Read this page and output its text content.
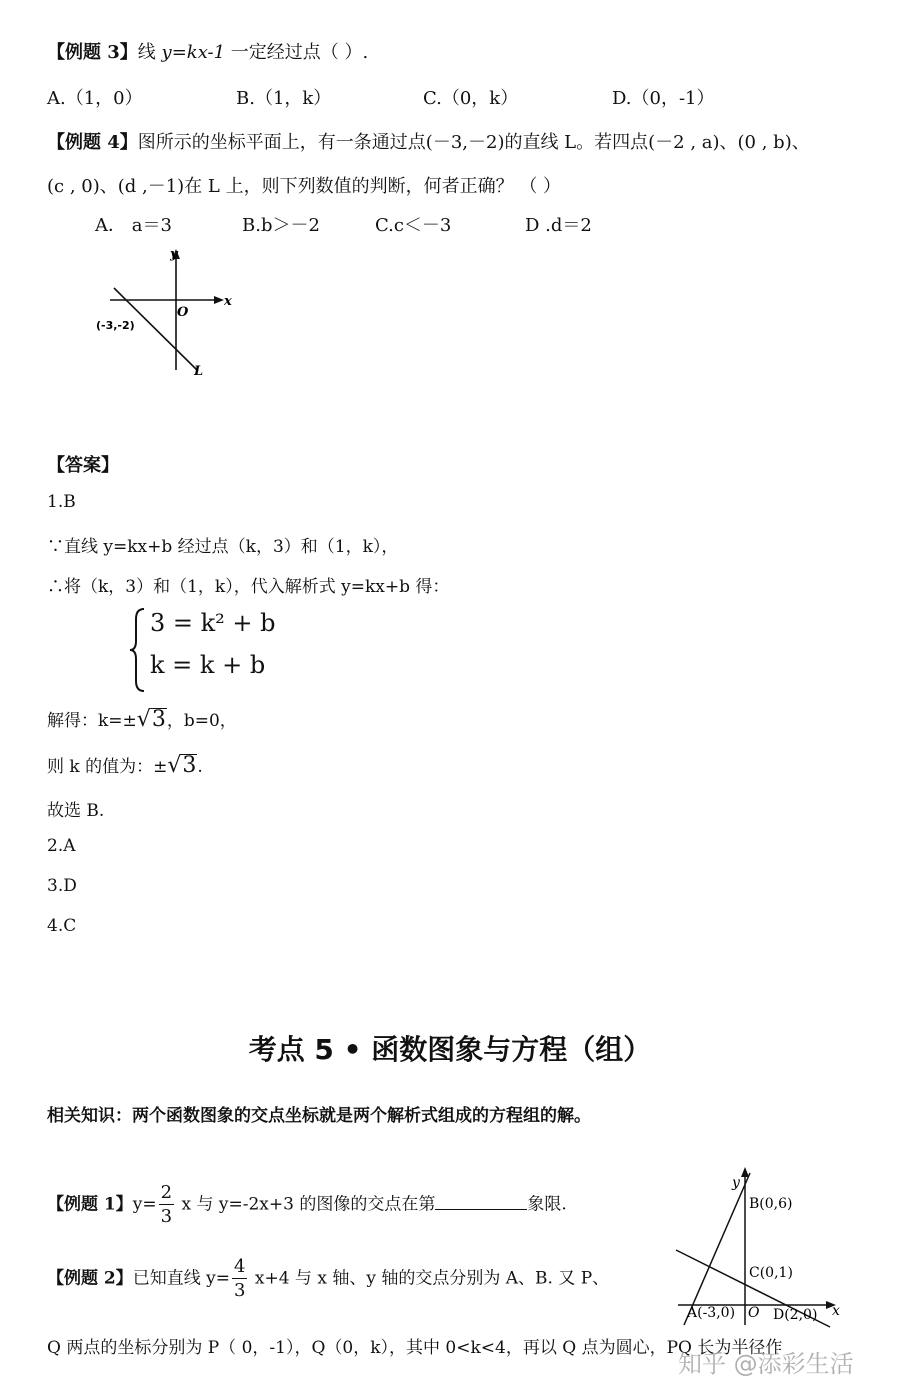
【例题 3】线 y=kx-1 一定经过点（ ）.
A.（1，0）	B.（1，k）	C.（0，k）	D.（0，-1）
【例题 4】图所示的坐标平面上，有一条通过点(－3,－2)的直线 L。若四点(－2 , a)、(0 , b)、
(c , 0)、(d ,－1)在 L 上，则下列数值的判断，何者正确？ （ ）
A． a＝3	B.b＞－2	C.c＜－3	D .d＝2
y
x
O
(-3,-2)
L
【答案】
1.B
∵直线 y=kx+b 经过点（k，3）和（1，k），
∴将（k，3）和（1，k），代入解析式 y=kx+b 得：
3 = k² + b
k = k + b
解得：k=±√3，b=0，
则 k 的值为：±√3.
故选 B.
2.A
3.D
4.C
考点 5 • 函数图象与方程（组）
相关知识：两个函数图象的交点坐标就是两个解析式组成的方程组的解。
【例题 1】$y= \frac{2}{3}$ x 与 y=-2x+3 的图像的交点在第	象限.
【例题 2】已知直线 $y= \frac{4}{3} x+4$ 与 x 轴、y 轴的交点分别为 A、B. 又 P、
Q 两点的坐标分别为 P（ 0，-1），Q（0，k），其中 0<k<4，再以 Q 点为圆心，PQ 长为半径作
y
B(0,6)
C(0,1)
A(-3,0) O D(2,0) x
知乎 @添彩生活
